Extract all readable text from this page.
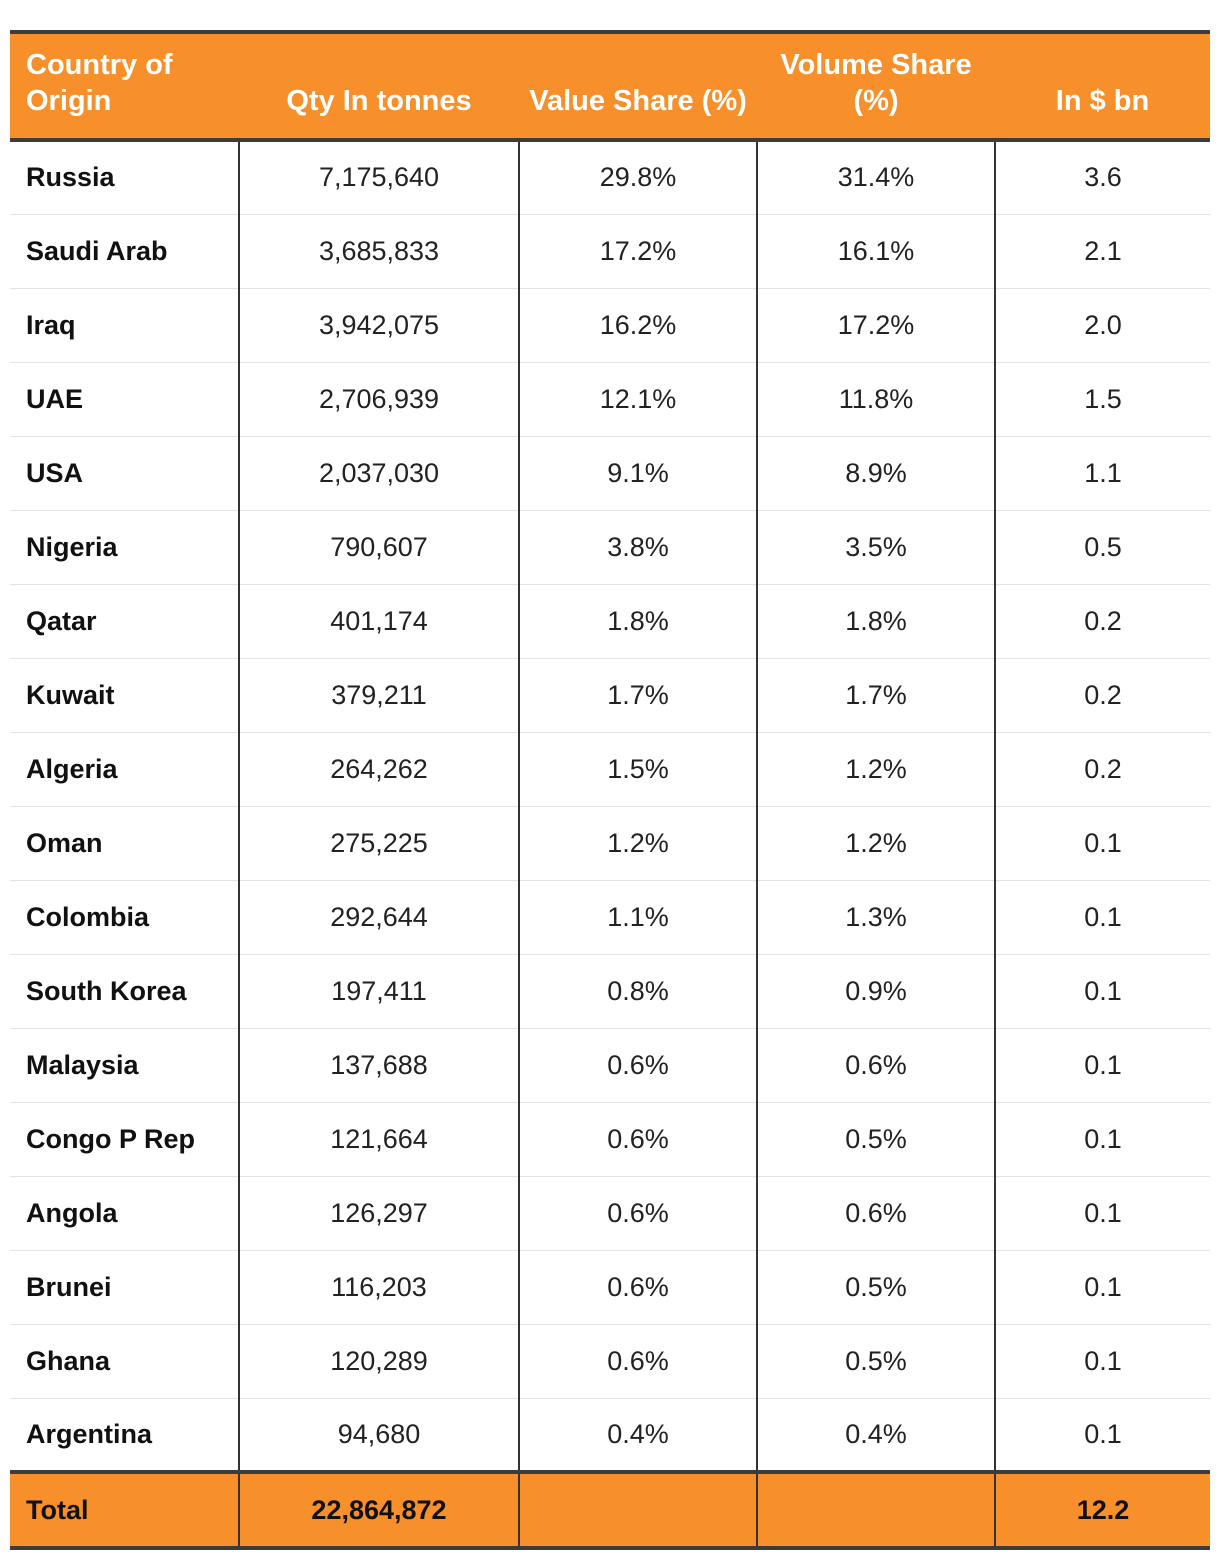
Country of Origin	Qty In tonnes	Value Share (%)	Volume Share (%)	In $ bn
Russia	7,175,640	29.8%	31.4%	3.6
Saudi Arab	3,685,833	17.2%	16.1%	2.1
Iraq	3,942,075	16.2%	17.2%	2.0
UAE	2,706,939	12.1%	11.8%	1.5
USA	2,037,030	9.1%	8.9%	1.1
Nigeria	790,607	3.8%	3.5%	0.5
Qatar	401,174	1.8%	1.8%	0.2
Kuwait	379,211	1.7%	1.7%	0.2
Algeria	264,262	1.5%	1.2%	0.2
Oman	275,225	1.2%	1.2%	0.1
Colombia	292,644	1.1%	1.3%	0.1
South Korea	197,411	0.8%	0.9%	0.1
Malaysia	137,688	0.6%	0.6%	0.1
Congo P Rep	121,664	0.6%	0.5%	0.1
Angola	126,297	0.6%	0.6%	0.1
Brunei	116,203	0.6%	0.5%	0.1
Ghana	120,289	0.6%	0.5%	0.1
Argentina	94,680	0.4%	0.4%	0.1
Total	22,864,872			12.2
